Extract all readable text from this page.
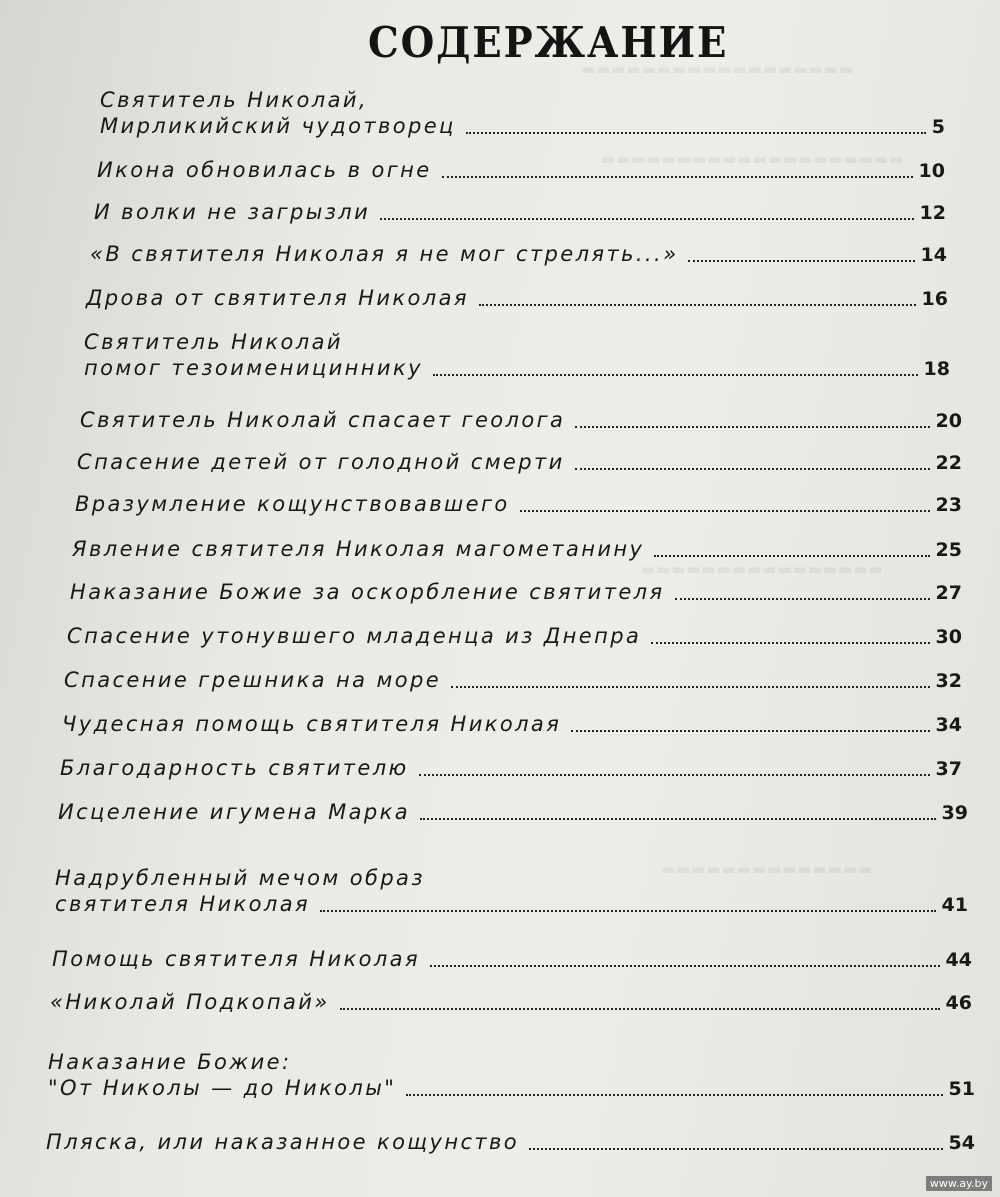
▬▬▬▬▬▬▬▬▬▬▬▬▬▬▬▬▬▬
▬▬▬▬▬▬▬▬▬▬▬▬▬▬▬▬▬▬▬▬
▬▬▬▬▬▬▬▬▬▬▬▬▬▬▬▬
▬▬▬▬▬▬▬▬▬▬▬▬▬▬
СОДЕРЖАНИЕ
Святитель Николай,
Мирликийский чудотворец	5
Икона обновилась в огне	10
И волки не загрызли	12
«В святителя Николая я не мог стрелять...»	14
Дрова от святителя Николая	16
Святитель Николай
помог тезоименициннику	18
Святитель Николай спасает геолога	20
Спасение детей от голодной смерти	22
Вразумление кощунствовавшего	23
Явление святителя Николая магометанину	25
Наказание Божие за оскорбление святителя	27
Спасение утонувшего младенца из Днепра	30
Спасение грешника на море	32
Чудесная помощь святителя Николая	34
Благодарность святителю	37
Исцеление игумена Марка	39
Надрубленный мечом образ
святителя Николая	41
Помощь святителя Николая	44
«Николай Подкопай»	46
Наказание Божие:
"От Николы — до Николы"	51
Пляска, или наказанное кощунство	54
www.ay.by
